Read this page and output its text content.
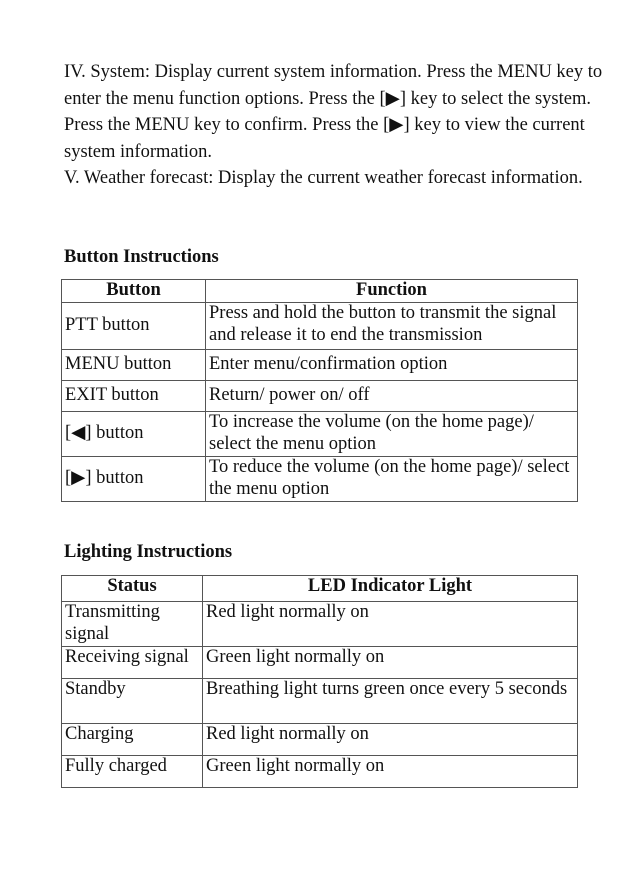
IV. System: Display current system information. Press the MENU key to enter the menu function options. Press the [▶] key to select the system. Press the MENU key to confirm. Press the [▶] key to view the current system information.

V. Weather forecast: Display the current weather forecast information.

Button Instructions
Button	Function
PTT button	Press and hold the button to transmit the signal and release it to end the transmission
MENU button	Enter menu/confirmation option
EXIT button	Return/ power on/ off
[◀] button	To increase the volume (on the home page)/ select the menu option
[▶] button	To reduce the volume (on the home page)/ select the menu option
Lighting Instructions
Status	LED Indicator Light
Transmitting signal	Red light normally on
Receiving signal	Green light normally on
Standby	Breathing light turns green once every 5 seconds
Charging	Red light normally on
Fully charged	Green light normally on
